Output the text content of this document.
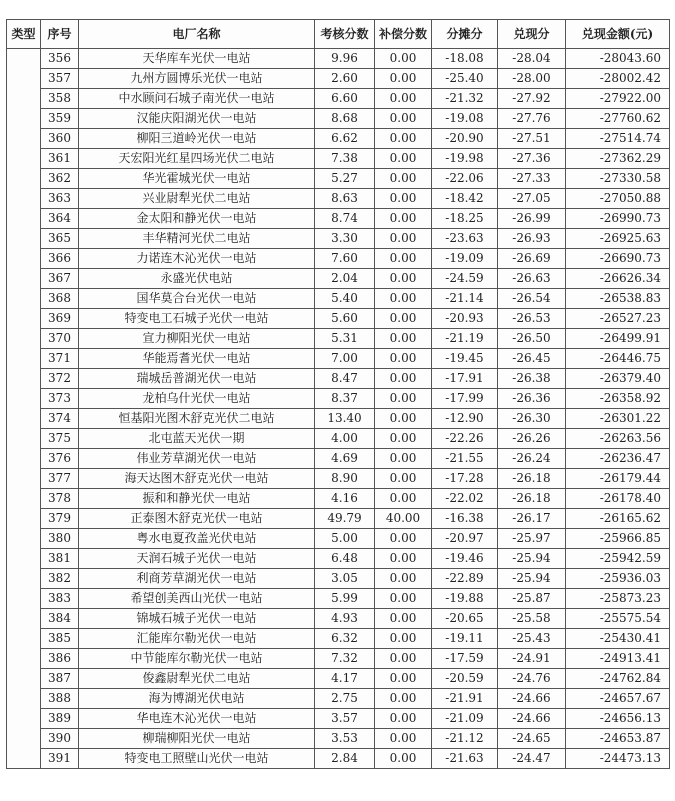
类型	序号	电厂名称	考核分数	补偿分数	分摊分	兑现分	兑现金额(元)
	356	天华库车光伏一电站	9.96	0.00	-18.08	-28.04	-28043.60
	357	九州方圆博乐光伏一电站	2.60	0.00	-25.40	-28.00	-28002.42
	358	中水顾问石城子南光伏一电站	6.60	0.00	-21.32	-27.92	-27922.00
	359	汉能庆阳湖光伏一电站	8.68	0.00	-19.08	-27.76	-27760.62
	360	柳阳三道岭光伏一电站	6.62	0.00	-20.90	-27.51	-27514.74
	361	天宏阳光红星四场光伏二电站	7.38	0.00	-19.98	-27.36	-27362.29
	362	华光霍城光伏一电站	5.27	0.00	-22.06	-27.33	-27330.58
	363	兴业尉犁光伏二电站	8.63	0.00	-18.42	-27.05	-27050.88
	364	金太阳和静光伏一电站	8.74	0.00	-18.25	-26.99	-26990.73
	365	丰华精河光伏二电站	3.30	0.00	-23.63	-26.93	-26925.63
	366	力诺连木沁光伏一电站	7.60	0.00	-19.09	-26.69	-26690.73
	367	永盛光伏电站	2.04	0.00	-24.59	-26.63	-26626.34
	368	国华莫合台光伏一电站	5.40	0.00	-21.14	-26.54	-26538.83
	369	特变电工石城子光伏一电站	5.60	0.00	-20.93	-26.53	-26527.23
	370	宣力柳阳光伏一电站	5.31	0.00	-21.19	-26.50	-26499.91
	371	华能焉耆光伏一电站	7.00	0.00	-19.45	-26.45	-26446.75
	372	瑞城岳普湖光伏一电站	8.47	0.00	-17.91	-26.38	-26379.40
	373	龙柏乌什光伏一电站	8.37	0.00	-17.99	-26.36	-26358.92
	374	恒基阳光图木舒克光伏二电站	13.40	0.00	-12.90	-26.30	-26301.22
	375	北屯蓝天光伏一期	4.00	0.00	-22.26	-26.26	-26263.56
	376	伟业芳草湖光伏一电站	4.69	0.00	-21.55	-26.24	-26236.47
	377	海天达图木舒克光伏一电站	8.90	0.00	-17.28	-26.18	-26179.44
	378	振和和静光伏一电站	4.16	0.00	-22.02	-26.18	-26178.40
	379	正泰图木舒克光伏一电站	49.79	40.00	-16.38	-26.17	-26165.62
	380	粤水电夏孜盖光伏电站	5.00	0.00	-20.97	-25.97	-25966.85
	381	天润石城子光伏一电站	6.48	0.00	-19.46	-25.94	-25942.59
	382	利商芳草湖光伏一电站	3.05	0.00	-22.89	-25.94	-25936.03
	383	希望创美西山光伏一电站	5.99	0.00	-19.88	-25.87	-25873.23
	384	锦城石城子光伏一电站	4.93	0.00	-20.65	-25.58	-25575.54
	385	汇能库尔勒光伏一电站	6.32	0.00	-19.11	-25.43	-25430.41
	386	中节能库尔勒光伏一电站	7.32	0.00	-17.59	-24.91	-24913.41
	387	俊鑫尉犁光伏二电站	4.17	0.00	-20.59	-24.76	-24762.84
	388	海为博湖光伏电站	2.75	0.00	-21.91	-24.66	-24657.67
	389	华电连木沁光伏一电站	3.57	0.00	-21.09	-24.66	-24656.13
	390	柳瑞柳阳光伏一电站	3.53	0.00	-21.12	-24.65	-24653.87
	391	特变电工照壁山光伏一电站	2.84	0.00	-21.63	-24.47	-24473.13
